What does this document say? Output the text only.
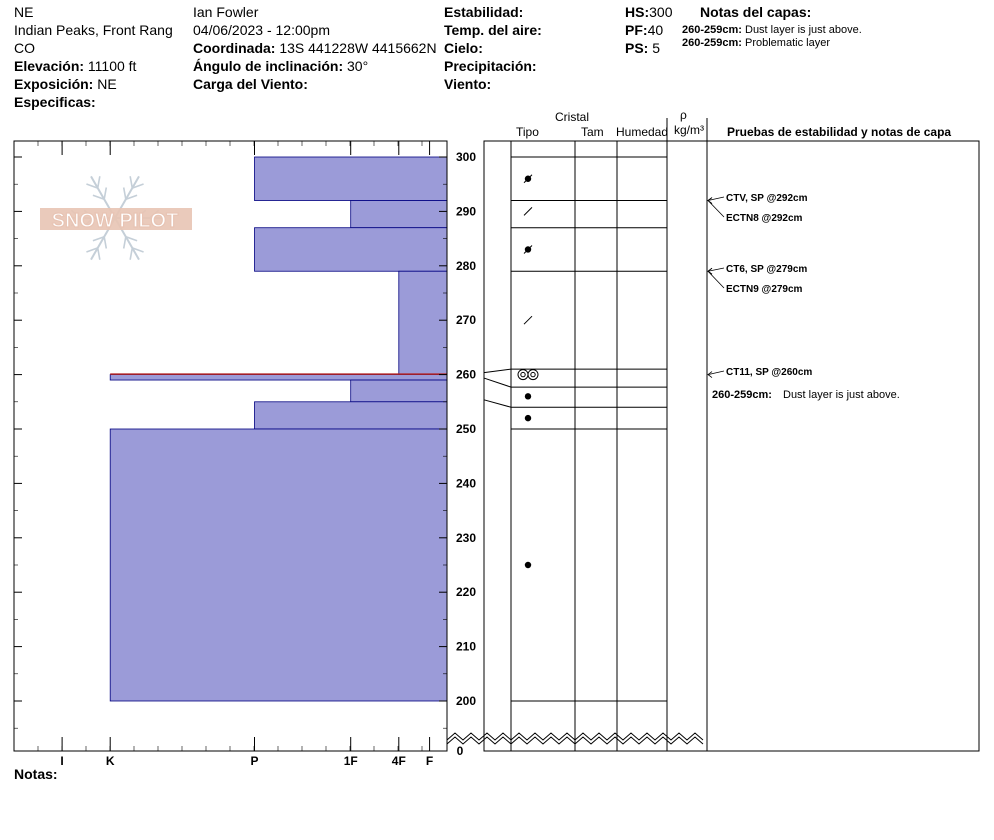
NE
Indian Peaks, Front Rang
CO
Elevación: 11100 ft
Exposición: NE
Especificas:
Ian Fowler
04/06/2023 - 12:00pm
Coordinada: 13S 441228W 4415662N
Ángulo de inclinación: 30°
Carga del Viento:
Estabilidad:
Temp. del aire:
Cielo:
Precipitación:
Viento:
HS:300
PF:40
PS: 5
Notas del capas:
260-259cm: Dust layer is just above.
260-259cm: Problematic layer
Cristal
Tipo	Tam Humedad
ρ
kg/m³ Pruebas de estabilidad y notas de capa
Notas:
SNOW PILOT
I	K	P	1F	4F F
200
210
220
230
240
250
260
270
280
290
300
0
CTV, SP @292cm
ECTN8 @292cm
CT6, SP @279cm
ECTN9 @279cm
CT11, SP @260cm
260-259cm: Dust layer is just above.
